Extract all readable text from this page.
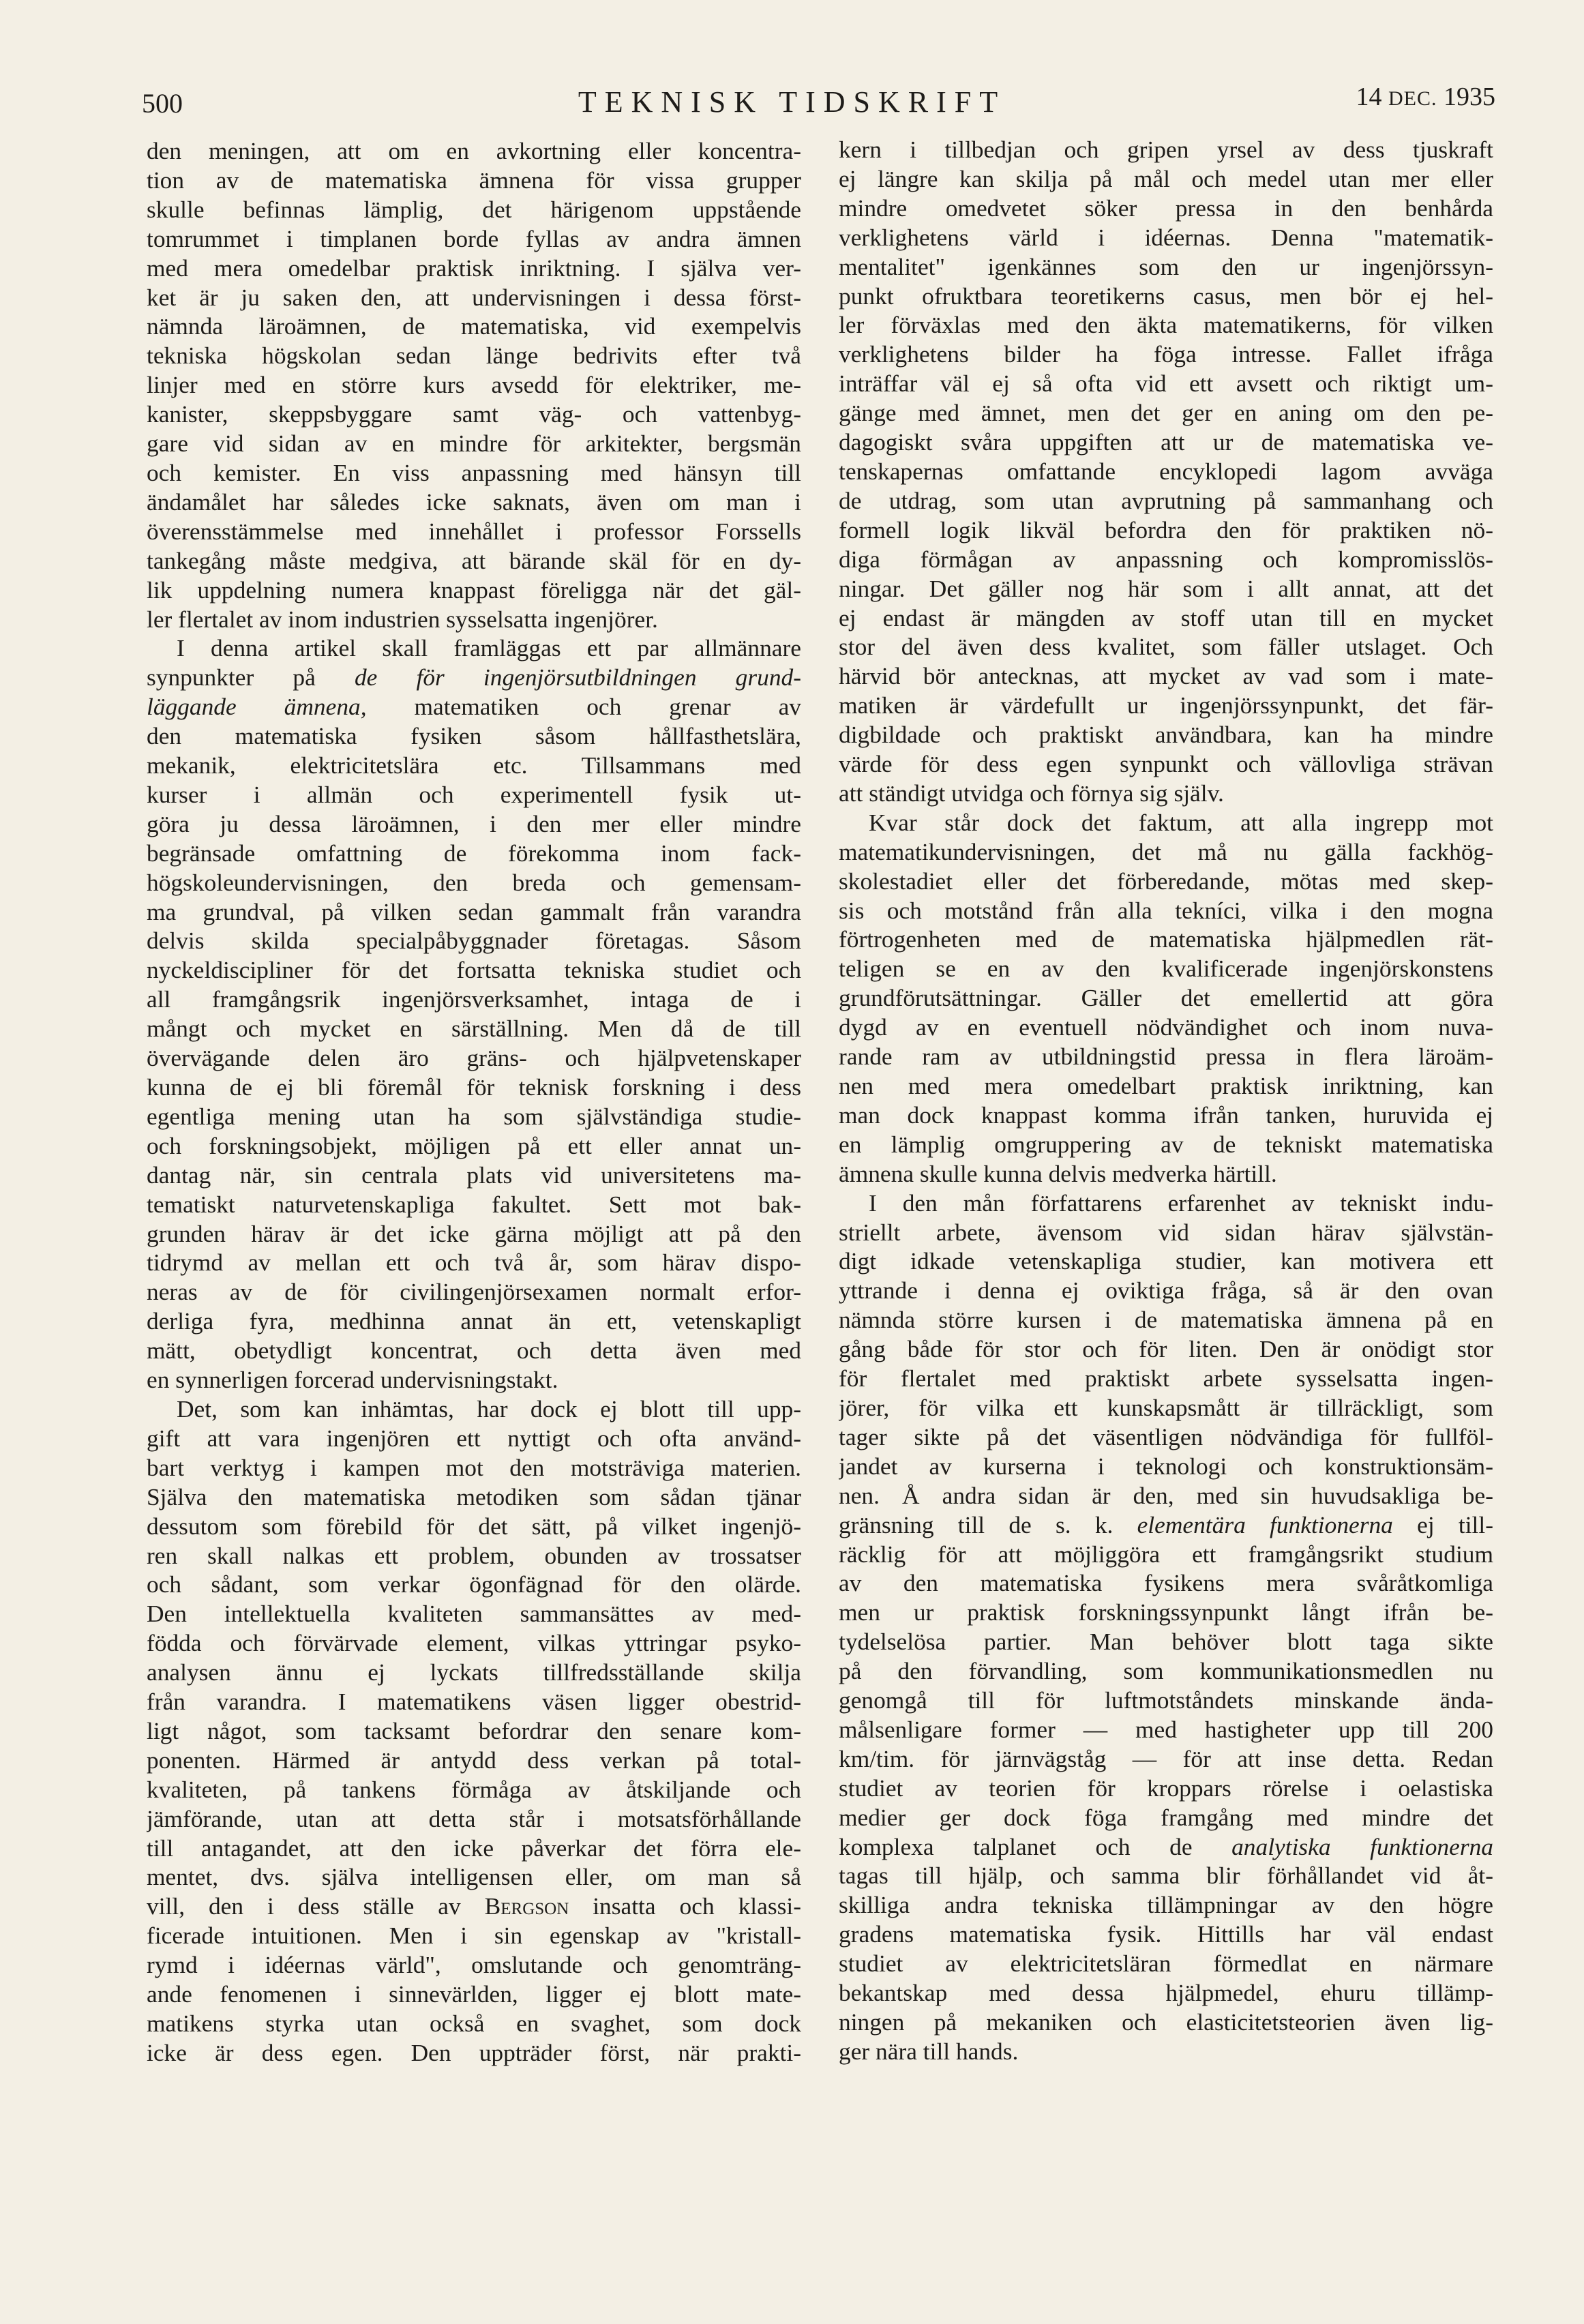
500	TEKNISK TIDSKRIFT	14 DEC. 1935
den meningen, att om en avkortning eller koncentra-
tion av de matematiska ämnena för vissa grupper
skulle befinnas lämplig, det härigenom uppstående
tomrummet i timplanen borde fyllas av andra ämnen
med mera omedelbar praktisk inriktning. I själva ver-
ket är ju saken den, att undervisningen i dessa först-
nämnda läroämnen, de matematiska, vid exempelvis
tekniska högskolan sedan länge bedrivits efter två
linjer med en större kurs avsedd för elektriker, me-
kanister, skeppsbyggare samt väg- och vattenbyg-
gare vid sidan av en mindre för arkitekter, bergsmän
och kemister. En viss anpassning med hänsyn till
ändamålet har således icke saknats, även om man i
överensstämmelse med innehållet i professor Forssells
tankegång måste medgiva, att bärande skäl för en dy-
lik uppdelning numera knappast föreligga när det gäl-
ler flertalet av inom industrien sysselsatta ingenjörer.
I denna artikel skall framläggas ett par allmännare
synpunkter på de för ingenjörsutbildningen grund-
läggande ämnena, matematiken och grenar av
den matematiska fysiken såsom hållfasthetslära,
mekanik, elektricitetslära etc. Tillsammans med
kurser i allmän och experimentell fysik ut-
göra ju dessa läroämnen, i den mer eller mindre
begränsade omfattning de förekomma inom fack-
högskoleundervisningen, den breda och gemensam-
ma grundval, på vilken sedan gammalt från varandra
delvis skilda specialpåbyggnader företagas. Såsom
nyckeldiscipliner för det fortsatta tekniska studiet och
all framgångsrik ingenjörsverksamhet, intaga de i
mångt och mycket en särställning. Men då de till
övervägande delen äro gräns- och hjälpvetenskaper
kunna de ej bli föremål för teknisk forskning i dess
egentliga mening utan ha som självständiga studie-
och forskningsobjekt, möjligen på ett eller annat un-
dantag när, sin centrala plats vid universitetens ma-
tematiskt naturvetenskapliga fakultet. Sett mot bak-
grunden härav är det icke gärna möjligt att på den
tidrymd av mellan ett och två år, som härav dispo-
neras av de för civilingenjörsexamen normalt erfor-
derliga fyra, medhinna annat än ett, vetenskapligt
mätt, obetydligt koncentrat, och detta även med
en synnerligen forcerad undervisningstakt.
Det, som kan inhämtas, har dock ej blott till upp-
gift att vara ingenjören ett nyttigt och ofta använd-
bart verktyg i kampen mot den motsträviga materien.
Själva den matematiska metodiken som sådan tjänar
dessutom som förebild för det sätt, på vilket ingenjö-
ren skall nalkas ett problem, obunden av trossatser
och sådant, som verkar ögonfägnad för den olärde.
Den intellektuella kvaliteten sammansättes av med-
födda och förvärvade element, vilkas yttringar psyko-
analysen ännu ej lyckats tillfredsställande skilja
från varandra. I matematikens väsen ligger obestrid-
ligt något, som tacksamt befordrar den senare kom-
ponenten. Härmed är antydd dess verkan på total-
kvaliteten, på tankens förmåga av åtskiljande och
jämförande, utan att detta står i motsatsförhållande
till antagandet, att den icke påverkar det förra ele-
mentet, dvs. själva intelligensen eller, om man så
vill, den i dess ställe av Bergson insatta och klassi-
ficerade intuitionen. Men i sin egenskap av "kristall-
rymd i idéernas värld", omslutande och genomträng-
ande fenomenen i sinnevärlden, ligger ej blott mate-
matikens styrka utan också en svaghet, som dock
icke är dess egen. Den uppträder först, när prakti-
kern i tillbedjan och gripen yrsel av dess tjuskraft
ej längre kan skilja på mål och medel utan mer eller
mindre omedvetet söker pressa in den benhårda
verklighetens värld i idéernas. Denna "matematik-
mentalitet" igenkännes som den ur ingenjörssyn-
punkt ofruktbara teoretikerns casus, men bör ej hel-
ler förväxlas med den äkta matematikerns, för vilken
verklighetens bilder ha föga intresse. Fallet ifråga
inträffar väl ej så ofta vid ett avsett och riktigt um-
gänge med ämnet, men det ger en aning om den pe-
dagogiskt svåra uppgiften att ur de matematiska ve-
tenskapernas omfattande encyklopedi lagom avväga
de utdrag, som utan avprutning på sammanhang och
formell logik likväl befordra den för praktiken nö-
diga förmågan av anpassning och kompromisslös-
ningar. Det gäller nog här som i allt annat, att det
ej endast är mängden av stoff utan till en mycket
stor del även dess kvalitet, som fäller utslaget. Och
härvid bör antecknas, att mycket av vad som i mate-
matiken är värdefullt ur ingenjörssynpunkt, det fär-
digbildade och praktiskt användbara, kan ha mindre
värde för dess egen synpunkt och vällovliga strävan
att ständigt utvidga och förnya sig själv.
Kvar står dock det faktum, att alla ingrepp mot
matematikundervisningen, det må nu gälla fackhög-
skolestadiet eller det förberedande, mötas med skep-
sis och motstånd från alla tekníci, vilka i den mogna
förtrogenheten med de matematiska hjälpmedlen rät-
teligen se en av den kvalificerade ingenjörskonstens
grundförutsättningar. Gäller det emellertid att göra
dygd av en eventuell nödvändighet och inom nuva-
rande ram av utbildningstid pressa in flera läroäm-
nen med mera omedelbart praktisk inriktning, kan
man dock knappast komma ifrån tanken, huruvida ej
en lämplig omgruppering av de tekniskt matematiska
ämnena skulle kunna delvis medverka härtill.
I den mån författarens erfarenhet av tekniskt indu-
striellt arbete, ävensom vid sidan härav självstän-
digt idkade vetenskapliga studier, kan motivera ett
yttrande i denna ej oviktiga fråga, så är den ovan
nämnda större kursen i de matematiska ämnena på en
gång både för stor och för liten. Den är onödigt stor
för flertalet med praktiskt arbete sysselsatta ingen-
jörer, för vilka ett kunskapsmått är tillräckligt, som
tager sikte på det väsentligen nödvändiga för fullföl-
jandet av kurserna i teknologi och konstruktionsäm-
nen. Å andra sidan är den, med sin huvudsakliga be-
gränsning till de s. k. elementära funktionerna ej till-
räcklig för att möjliggöra ett framgångsrikt studium
av den matematiska fysikens mera svåråtkomliga
men ur praktisk forskningssynpunkt långt ifrån be-
tydelselösa partier. Man behöver blott taga sikte
på den förvandling, som kommunikationsmedlen nu
genomgå till för luftmotståndets minskande ända-
målsenligare former — med hastigheter upp till 200
km/tim. för järnvägståg — för att inse detta. Redan
studiet av teorien för kroppars rörelse i oelastiska
medier ger dock föga framgång med mindre det
komplexa talplanet och de analytiska funktionerna
tagas till hjälp, och samma blir förhållandet vid åt-
skilliga andra tekniska tillämpningar av den högre
gradens matematiska fysik. Hittills har väl endast
studiet av elektricitetsläran förmedlat en närmare
bekantskap med dessa hjälpmedel, ehuru tillämp-
ningen på mekaniken och elasticitetsteorien även lig-
ger nära till hands.
